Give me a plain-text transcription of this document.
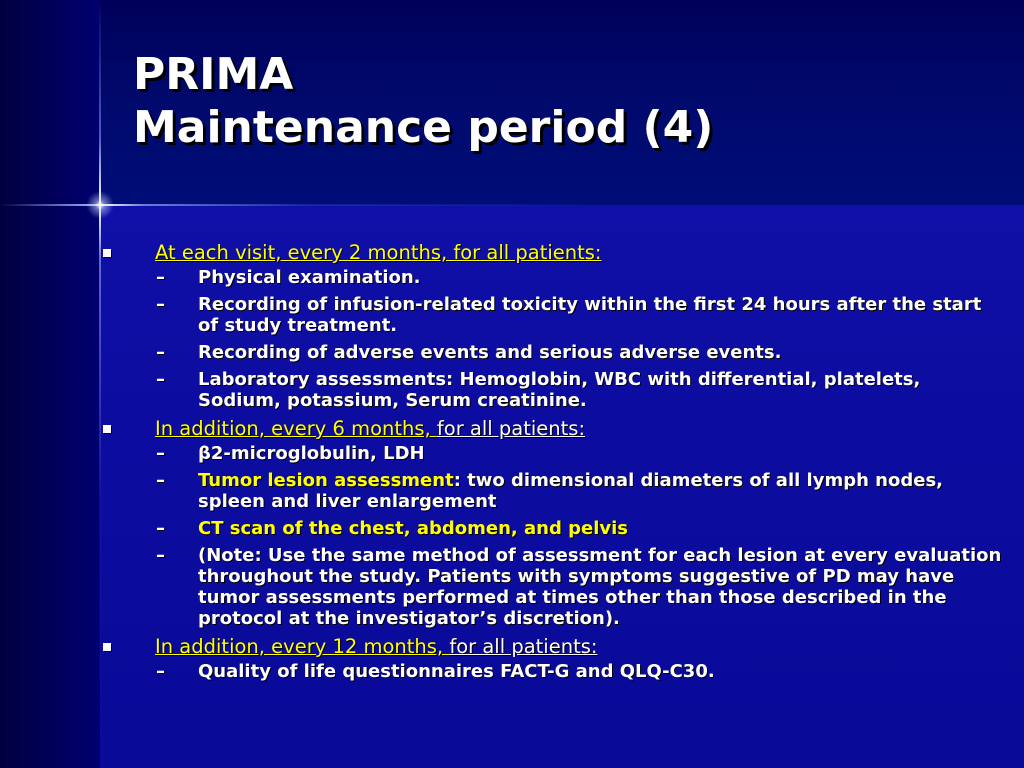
PRIMA
Maintenance period (4)
At each visit, every 2 months, for all patients:
– Physical examination.
– Recording of infusion-related toxicity within the first 24 hours after the start of study treatment.
– Recording of adverse events and serious adverse events.
– Laboratory assessments: Hemoglobin, WBC with differential, platelets, Sodium, potassium, Serum creatinine.
In addition, every 6 months, for all patients:
– β2-microglobulin, LDH
– Tumor lesion assessment: two dimensional diameters of all lymph nodes, spleen and liver enlargement
– CT scan of the chest, abdomen, and pelvis
– (Note: Use the same method of assessment for each lesion at every evaluation throughout the study. Patients with symptoms suggestive of PD may have tumor assessments performed at times other than those described in the protocol at the investigator’s discretion).
In addition, every 12 months, for all patients:
– Quality of life questionnaires FACT-G and QLQ-C30.
